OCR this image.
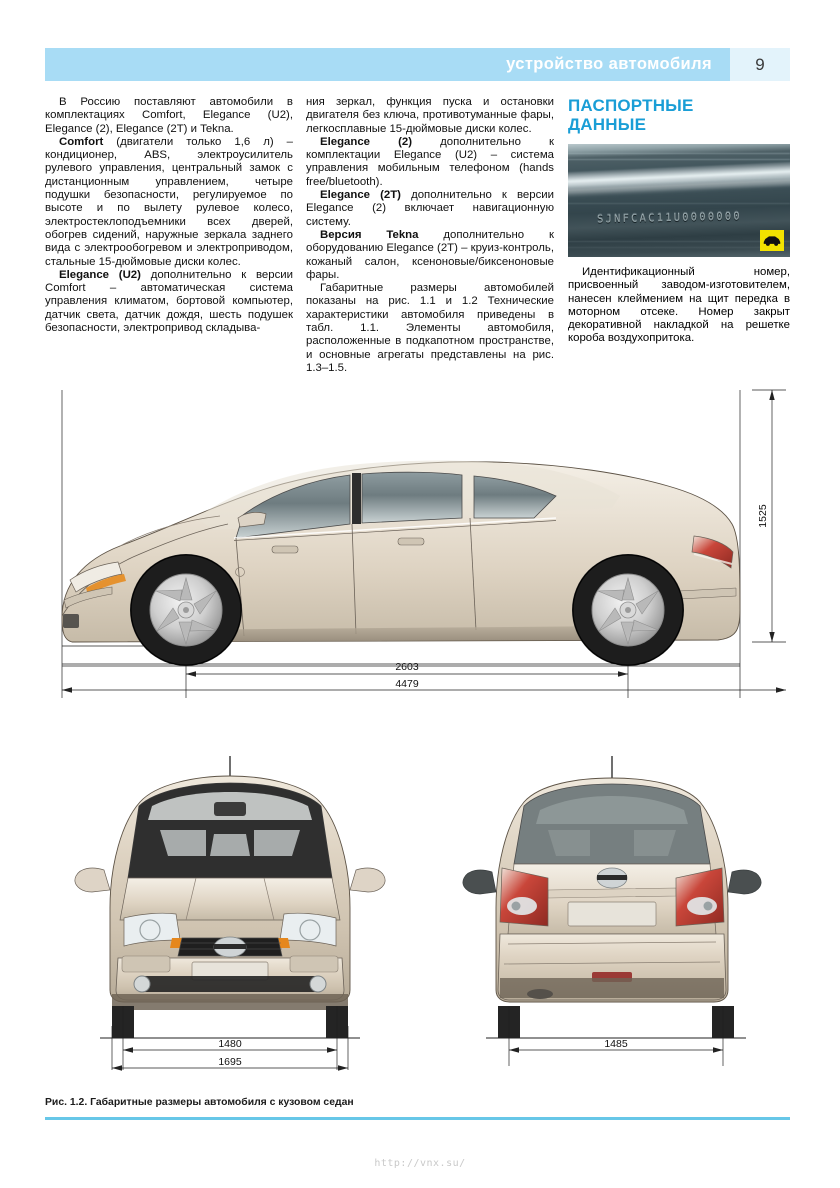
устройство автомобиля	9

В Россию поставляют автомобили в комплектациях Comfort, Elegance (U2), Elegance (2), Elegance (2Т) и Tekna.

Comfort (двигатели только 1,6 л) – кондиционер, ABS, электроусилитель рулевого управления, центральный замок с дистанционным управлением, четыре подушки безопасности, регулируемое по высоте и по вылету рулевое колесо, электростеклоподъемники всех дверей, обогрев сидений, наружные зеркала заднего вида с электрообогревом и электроприводом, стальные 15-дюймовые диски колес.

Elegance (U2) дополнительно к версии Comfort – автоматическая система управления климатом, бортовой компьютер, датчик света, датчик дождя, шесть подушек безопасности, электропривод складыва-

ния зеркал, функция пуска и остановки двигателя без ключа, противотуманные фары, легкосплавные 15-дюймовые диски колес.

Elegance (2) дополнительно к комплектации Elegance (U2) – система управления мобильным телефоном (hands free/bluetooth).

Elegance (2Т) дополнительно к версии Elegance (2) включает навигационную систему.

Версия Tekna дополнительно к оборудованию Elegance (2Т) – круиз-контроль, кожаный салон, ксеноновые/биксеноновые фары.

Габаритные размеры автомобилей показаны на рис. 1.1 и 1.2 Технические характеристики автомобиля приведены в табл. 1.1. Элементы автомобиля, расположенные в подкапотном пространстве, и основные агрегаты представлены на рис. 1.3–1.5.

ПАСПОРТНЫЕ
ДАННЫЕ
SJNFCAC11U0000000

Идентификационный номер, присвоенный заводом-изготовителем, нанесен клеймением на щит передка в моторном отсеке. Номер закрыт декоративной накладкой на решетке короба воздухопритока.

2603
4479
1525
1480
1695
1485
Рис. 1.2. Габаритные размеры автомобиля с кузовом седан
http://vnx.su/
